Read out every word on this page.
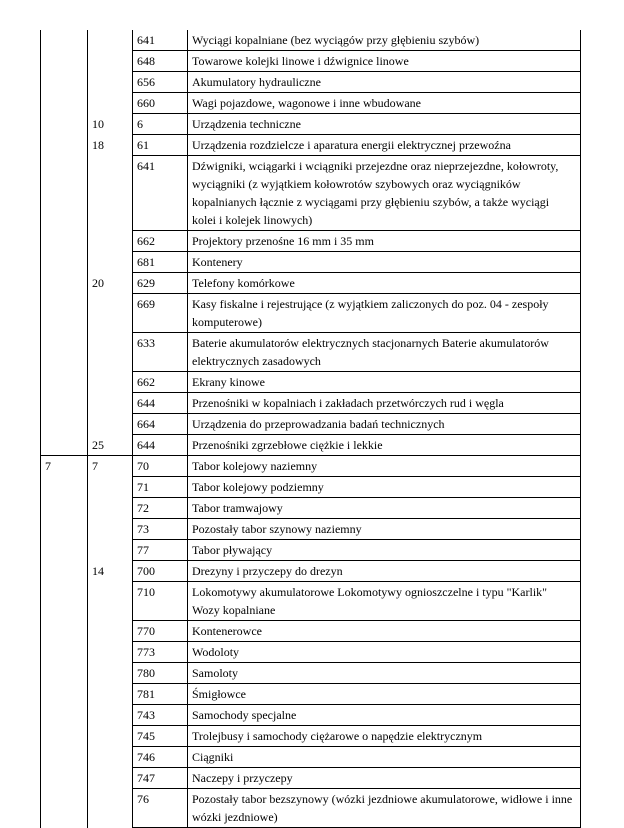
		641	Wyciągi kopalniane (bez wyciągów przy głębieniu szybów)
		648	Towarowe kolejki linowe i dźwignice linowe
		656	Akumulatory hydrauliczne
		660	Wagi pojazdowe, wagonowe i inne wbudowane
	10	6	Urządzenia techniczne
	18	61	Urządzenia rozdzielcze i aparatura energii elektrycznej przewoźna
		641	Dźwigniki, wciągarki i wciągniki przejezdne oraz nieprzejezdne, kołowroty, wyciągniki (z wyjątkiem kołowrotów szybowych oraz wyciągników kopalnianych łącznie z wyciągami przy głębieniu szybów, a także wyciągi kolei i kolejek linowych)
		662	Projektory przenośne 16 mm i 35 mm
		681	Kontenery
	20	629	Telefony komórkowe
		669	Kasy fiskalne i rejestrujące (z wyjątkiem zaliczonych do poz. 04 - zespoły komputerowe)
		633	Baterie akumulatorów elektrycznych stacjonarnych Baterie akumulatorów elektrycznych zasadowych
		662	Ekrany kinowe
		644	Przenośniki w kopalniach i zakładach przetwórczych rud i węgla
		664	Urządzenia do przeprowadzania badań technicznych
	25	644	Przenośniki zgrzebłowe ciężkie i lekkie
7	7	70	Tabor kolejowy naziemny
		71	Tabor kolejowy podziemny
		72	Tabor tramwajowy
		73	Pozostały tabor szynowy naziemny
		77	Tabor pływający
	14	700	Drezyny i przyczepy do drezyn
		710	Lokomotywy akumulatorowe Lokomotywy ognioszczelne i typu "Karlik" Wozy kopalniane
		770	Kontenerowce
		773	Wodoloty
		780	Samoloty
		781	Śmigłowce
		743	Samochody specjalne
		745	Trolejbusy i samochody ciężarowe o napędzie elektrycznym
		746	Ciągniki
		747	Naczepy i przyczepy
		76	Pozostały tabor bezszynowy (wózki jezdniowe akumulatorowe, widłowe i inne wózki jezdniowe)
